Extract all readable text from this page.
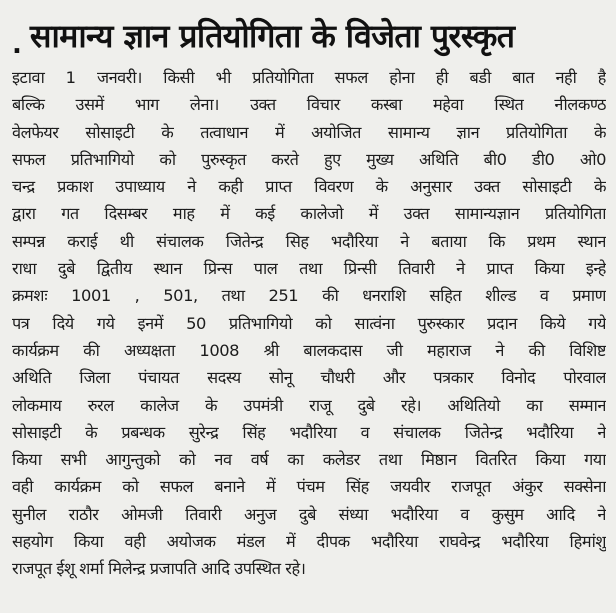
. सामान्य ज्ञान प्रतियोगिता के विजेता पुरस्कृत
इटावा 1 जनवरी। किसी भी प्रतियोगिता सफल होना ही बडी बात नही है
बल्कि उसमें भाग लेना। उक्त विचार कस्बा महेवा स्थित नीलकण्ठ
वेलफेयर सोसाइटी के तत्वाधान में अयोजित सामान्य ज्ञान प्रतियोगिता के
सफल प्रतिभागियो को पुरुस्कृत करते हुए मुख्य अथिति बी0 डी0 ओ0
चन्द्र प्रकाश उपाध्याय ने कही प्राप्त विवरण के अनुसार उक्त सोसाइटी के
द्वारा गत दिसम्बर माह में कई कालेजो में उक्त सामान्यज्ञान प्रतियोगिता
सम्पन्न कराई थी संचालक जितेन्द्र सिह भदौरिया ने बताया कि प्रथम स्थान
राधा दुबे द्वितीय स्थान प्रिन्स पाल तथा प्रिन्सी तिवारी ने प्राप्त किया इन्हे
क्रमशः 1001 , 501, तथा 251 की धनराशि सहित शील्ड व प्रमाण
पत्र दिये गये इनमें 50 प्रतिभागियो को सात्वंना पुरुस्कार प्रदान किये गये
कार्यक्रम की अध्यक्षता 1008 श्री बालकदास जी महाराज ने की विशिष्ट
अथिति जिला पंचायत सदस्य सोनू चौधरी और पत्रकार विनोद पोरवाल
लोकमाय रुरल कालेज के उपमंत्री राजू दुबे रहे। अथितियो का सम्मान
सोसाइटी के प्रबन्धक सुरेन्द्र सिंह भदौरिया व संचालक जितेन्द्र भदौरिया ने
किया सभी आगुन्तुको को नव वर्ष का कलेडर तथा मिष्ठान वितरित किया गया
वही कार्यक्रम को सफल बनाने में पंचम सिंह जयवीर राजपूत अंकुर सक्सेना
सुनील राठौर ओमजी तिवारी अनुज दुबे संध्या भदौरिया व कुसुम आदि ने
सहयोग किया वही अयोजक मंडल में दीपक भदौरिया राघवेन्द्र भदौरिया हिमांशु
राजपूत ईशू शर्मा मिलेन्द्र प्रजापति आदि उपस्थित रहे।
